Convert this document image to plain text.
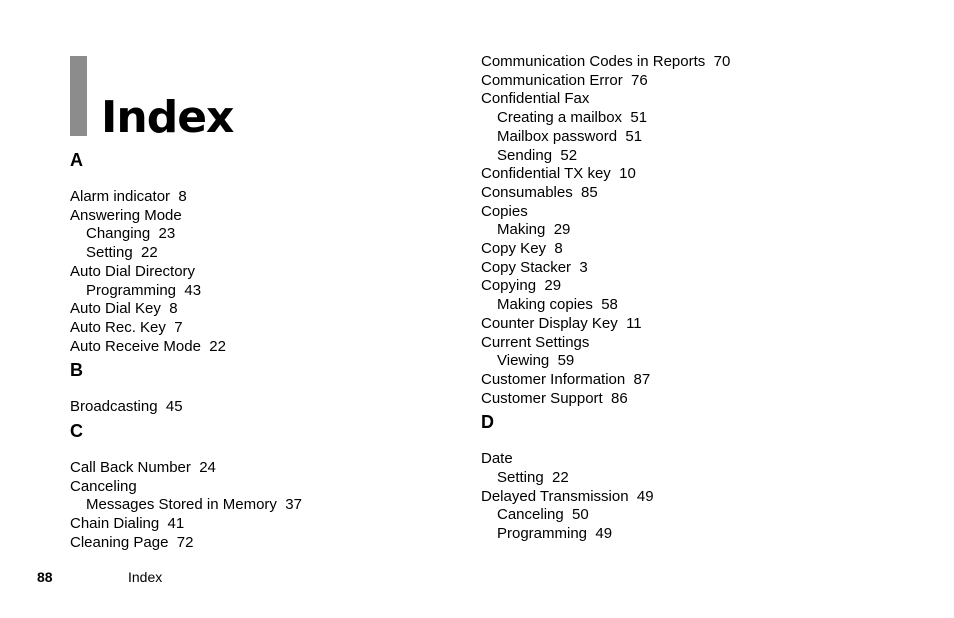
Index
A
Alarm indicator  8
Answering Mode
Changing  23
Setting  22
Auto Dial Directory
Programming  43
Auto Dial Key  8
Auto Rec. Key  7
Auto Receive Mode  22
B
Broadcasting  45
C
Call Back Number  24
Canceling
Messages Stored in Memory  37
Chain Dialing  41
Cleaning Page  72
Communication Codes in Reports  70
Communication Error  76
Confidential Fax
Creating a mailbox  51
Mailbox password  51
Sending  52
Confidential TX key  10
Consumables  85
Copies
Making  29
Copy Key  8
Copy Stacker  3
Copying  29
Making copies  58
Counter Display Key  11
Current Settings
Viewing  59
Customer Information  87
Customer Support  86
D
Date
Setting  22
Delayed Transmission  49
Canceling  50
Programming  49
88	Index
